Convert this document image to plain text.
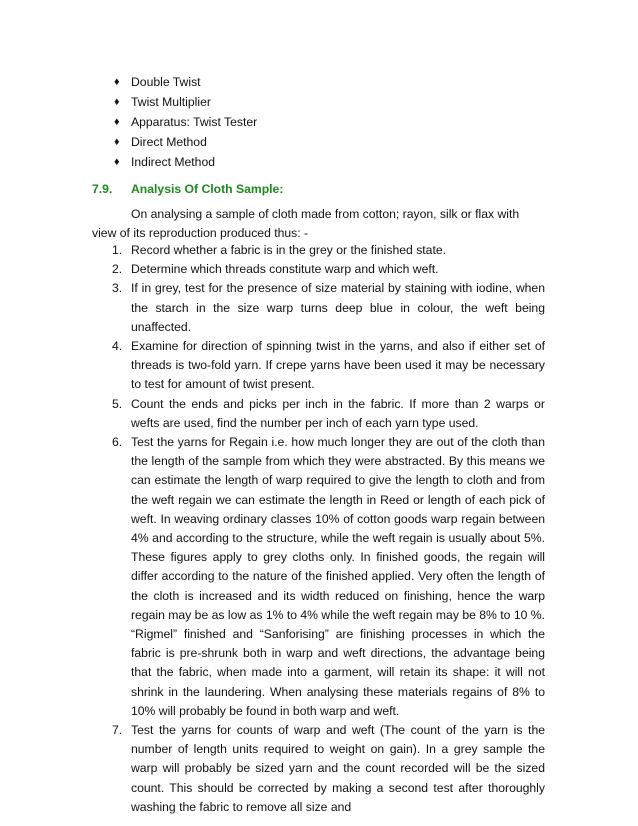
♦ Double Twist
♦ Twist Multiplier
♦ Apparatus: Twist Tester
♦ Direct Method
♦ Indirect Method
7.9. Analysis Of Cloth Sample:

On analysing a sample of cloth made from cotton; rayon, silk or flax with view of its reproduction produced thus: -

1. Record whether a fabric is in the grey or the finished state.
2. Determine which threads constitute warp and which weft.
3. If in grey, test for the presence of size material by staining with iodine, when the starch in the size warp turns deep blue in colour, the weft being unaffected.
4. Examine for direction of spinning twist in the yarns, and also if either set of threads is two-fold yarn. If crepe yarns have been used it may be necessary to test for amount of twist present.
5. Count the ends and picks per inch in the fabric. If more than 2 warps or wefts are used, find the number per inch of each yarn type used.
6. Test the yarns for Regain i.e. how much longer they are out of the cloth than the length of the sample from which they were abstracted. By this means we can estimate the length of warp required to give the length to cloth and from the weft regain we can estimate the length in Reed or length of each pick of weft. In weaving ordinary classes 10% of cotton goods warp regain between 4% and according to the structure, while the weft regain is usually about 5%. These figures apply to grey cloths only. In finished goods, the regain will differ according to the nature of the finished applied. Very often the length of the cloth is increased and its width reduced on finishing, hence the warp regain may be as low as 1% to 4% while the weft regain may be 8% to 10 %. “Rigmel” finished and “Sanforising” are finishing processes in which the fabric is pre-shrunk both in warp and weft directions, the advantage being that the fabric, when made into a garment, will retain its shape: it will not shrink in the laundering. When analysing these materials regains of 8% to 10% will probably be found in both warp and weft.
7. Test the yarns for counts of warp and weft (The count of the yarn is the number of length units required to weight on gain). In a grey sample the warp will probably be sized yarn and the count recorded will be the sized count. This should be corrected by making a second test after thoroughly washing the fabric to remove all size and
